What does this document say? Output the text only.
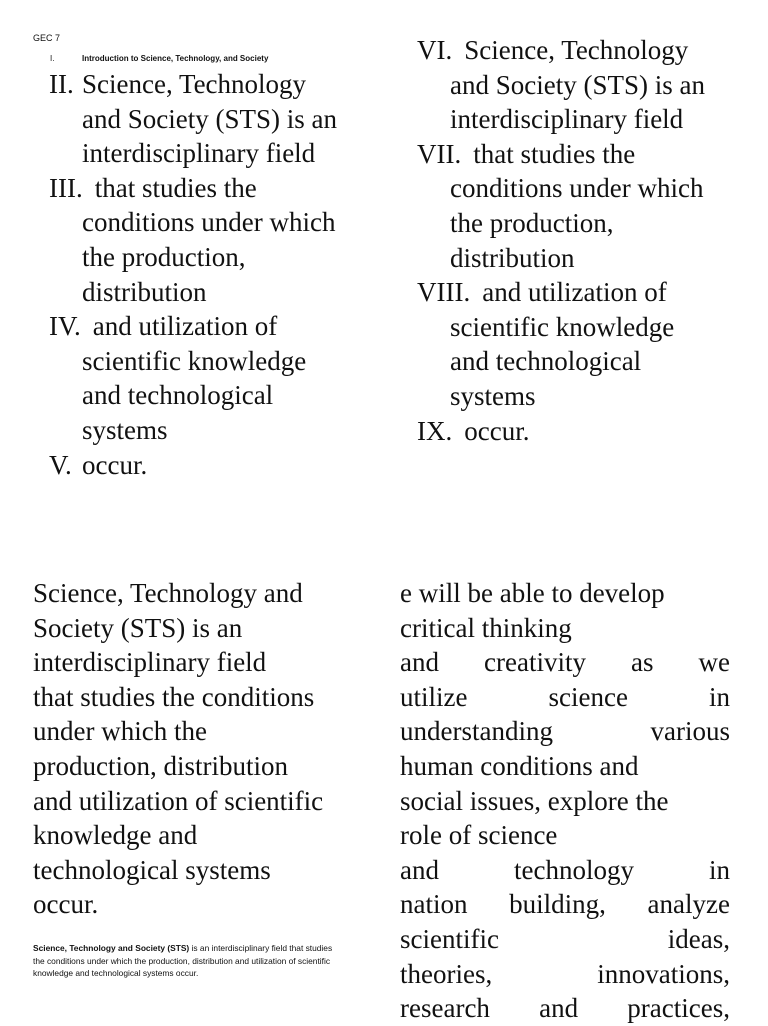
GEC 7
I.	Introduction to Science, Technology, and Society
II. Science, Technology
and Society (STS) is an
interdisciplinary field
III. that studies the
conditions under which
the production,
distribution
IV. and utilization of
scientific knowledge
and technological
systems
V. occur.
VI. Science, Technology
and Society (STS) is an
interdisciplinary field
VII. that studies the
conditions under which
the production,
distribution
VIII. and utilization of
scientific knowledge
and technological
systems
IX. occur.
Science, Technology and
Society (STS) is an
interdisciplinary field
that studies the conditions
under which the
production, distribution
and utilization of scientific
knowledge and
technological systems
occur.
e will be able to develop
critical thinking
and creativity as we
utilize science in
understanding various
human conditions and
social issues, explore the
role of science
and technology in
nation building, analyze
scientific ideas,
theories, innovations,
research and practices,
Science, Technology and Society (STS) is an interdisciplinary field that studies the conditions under which the production, distribution and utilization of scientific knowledge and technological systems occur.
